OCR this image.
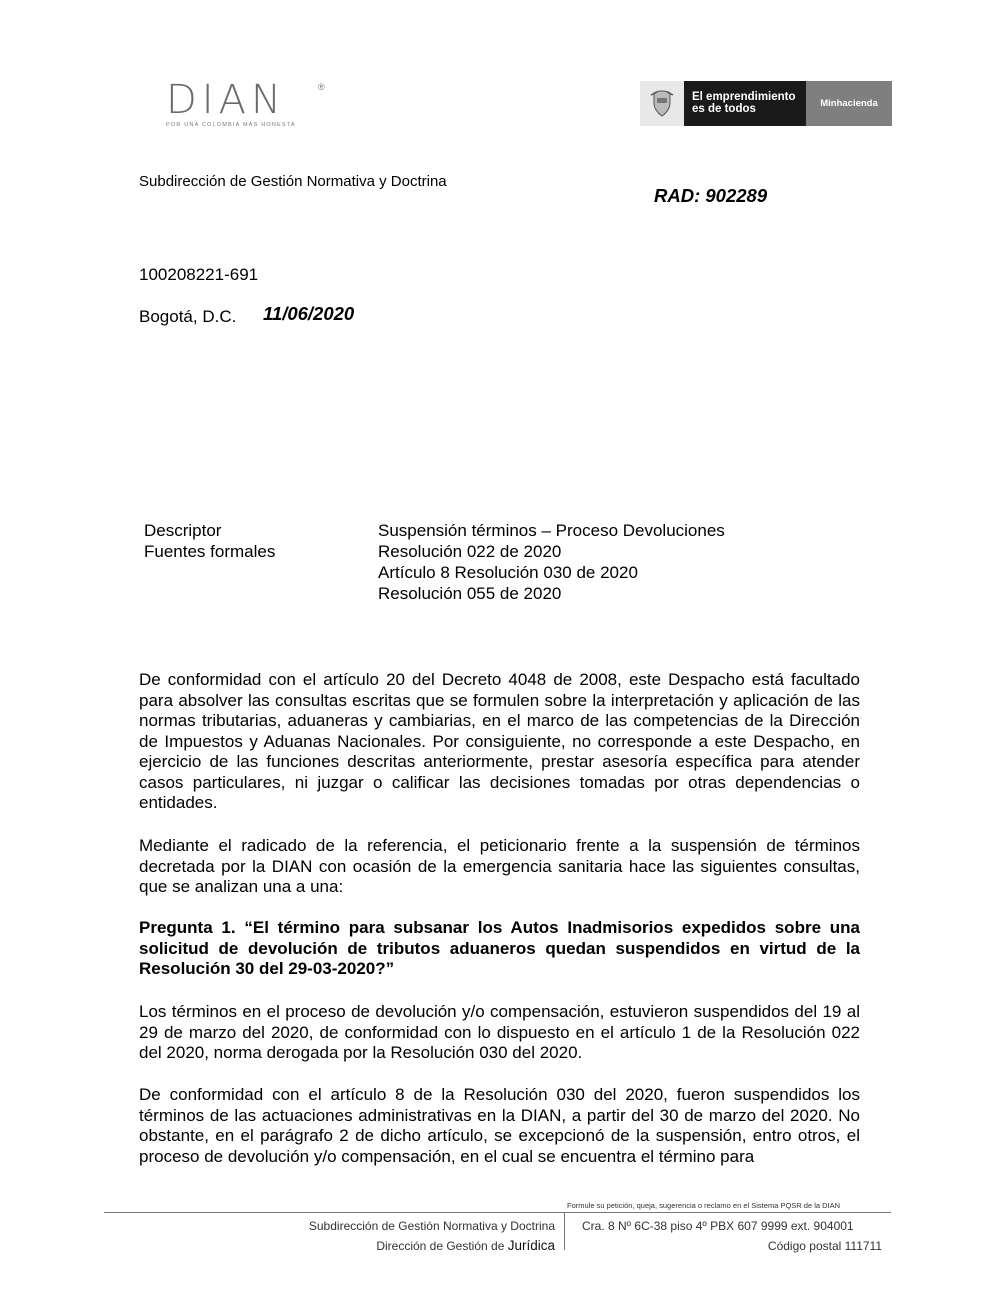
DIAN	®
POR UNA COLOMBIA MÁS HONESTA
El emprendimiento
es de todos	Minhacienda
Subdirección de Gestión Normativa y Doctrina
RAD: 902289
100208221-691
Bogotá, D.C. 11/06/2020
Descriptor	Suspensión términos – Proceso Devoluciones
Fuentes formales	Resolución 022 de 2020
Artículo 8 Resolución 030 de 2020
Resolución 055 de 2020
De conformidad con el artículo 20 del Decreto 4048 de 2008, este Despacho está facultado para absolver las consultas escritas que se formulen sobre la interpretación y aplicación de las normas tributarias, aduaneras y cambiarias, en el marco de las competencias de la Dirección de Impuestos y Aduanas Nacionales. Por consiguiente, no corresponde a este Despacho, en ejercicio de las funciones descritas anteriormente, prestar asesoría específica para atender casos particulares, ni juzgar o calificar las decisiones tomadas por otras dependencias o entidades.
Mediante el radicado de la referencia, el peticionario frente a la suspensión de términos decretada por la DIAN con ocasión de la emergencia sanitaria hace las siguientes consultas, que se analizan una a una:
Pregunta 1. “El término para subsanar los Autos Inadmisorios expedidos sobre una solicitud de devolución de tributos aduaneros quedan suspendidos en virtud de la Resolución 30 del 29-03-2020?”
Los términos en el proceso de devolución y/o compensación, estuvieron suspendidos del 19 al 29 de marzo del 2020, de conformidad con lo dispuesto en el artículo 1 de la Resolución 022 del 2020, norma derogada por la Resolución 030 del 2020.
De conformidad con el artículo 8 de la Resolución 030 del 2020, fueron suspendidos los términos de las actuaciones administrativas en la DIAN, a partir del 30 de marzo del 2020. No obstante, en el parágrafo 2 de dicho artículo, se excepcionó de la suspensión, entro otros, el proceso de devolución y/o compensación, en el cual se encuentra el término para
Formule su petición, queja, sugerencia o reclamo en el Sistema PQSR de la DIAN
Subdirección de Gestión Normativa y Doctrina
Dirección de Gestión de Jurídica
Cra. 8 Nº 6C-38 piso 4º PBX 607 9999 ext. 904001
Código postal 111711
